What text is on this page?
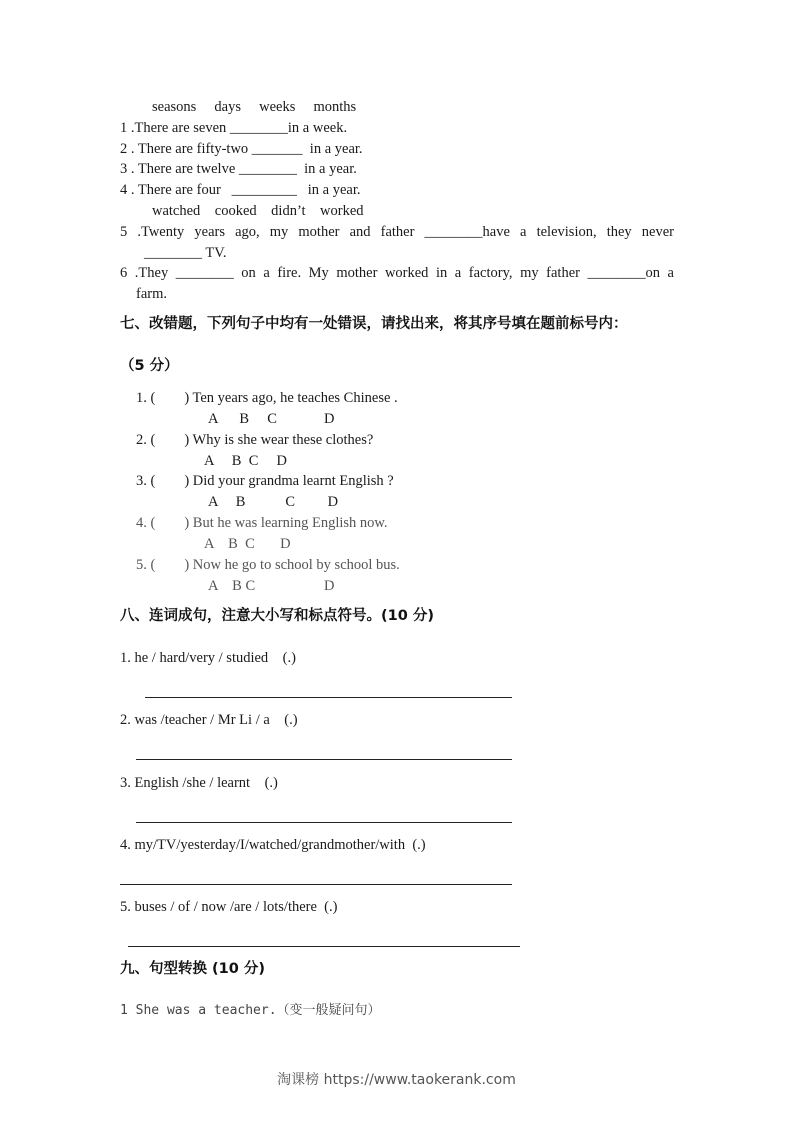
seasons     days     weeks     months
1 .There are seven ________in a week.
2 . There are fifty-two _______  in a year.
3 . There are twelve ________  in a year.
4 . There are four   _________   in a year.
watched    cooked    didn’t    worked
5 .Twenty years ago, my mother and father ________have a television, they never
________ TV.
6 .They ________ on a fire. My mother worked in a factory, my father ________on a
farm.
七、改错题，下列句子中均有一处错误，请找出来，将其序号填在题前标号内：
（5 分）
1. (        ) Ten years ago, he teaches Chinese .
A      B     C             D
2. (        ) Why is she wear these clothes?
A     B  C     D
3. (        ) Did your grandma learnt English ?
A     B           C         D
4. (        ) But he was learning English now.
A    B  C       D
5. (        ) Now he go to school by school bus.
A    B C                   D
八、连词成句，注意大小写和标点符号。(10 分)
1. he / hard/very / studied    (.)
2. was /teacher / Mr Li / a    (.)
3. English /she / learnt    (.)
4. my/TV/yesterday/I/watched/grandmother/with  (.)
5. buses / of / now /are / lots/there  (.)
九、句型转换 (10 分)
1 She was a teacher.（变一般疑问句）
淘课榜 https://www.taokerank.com
